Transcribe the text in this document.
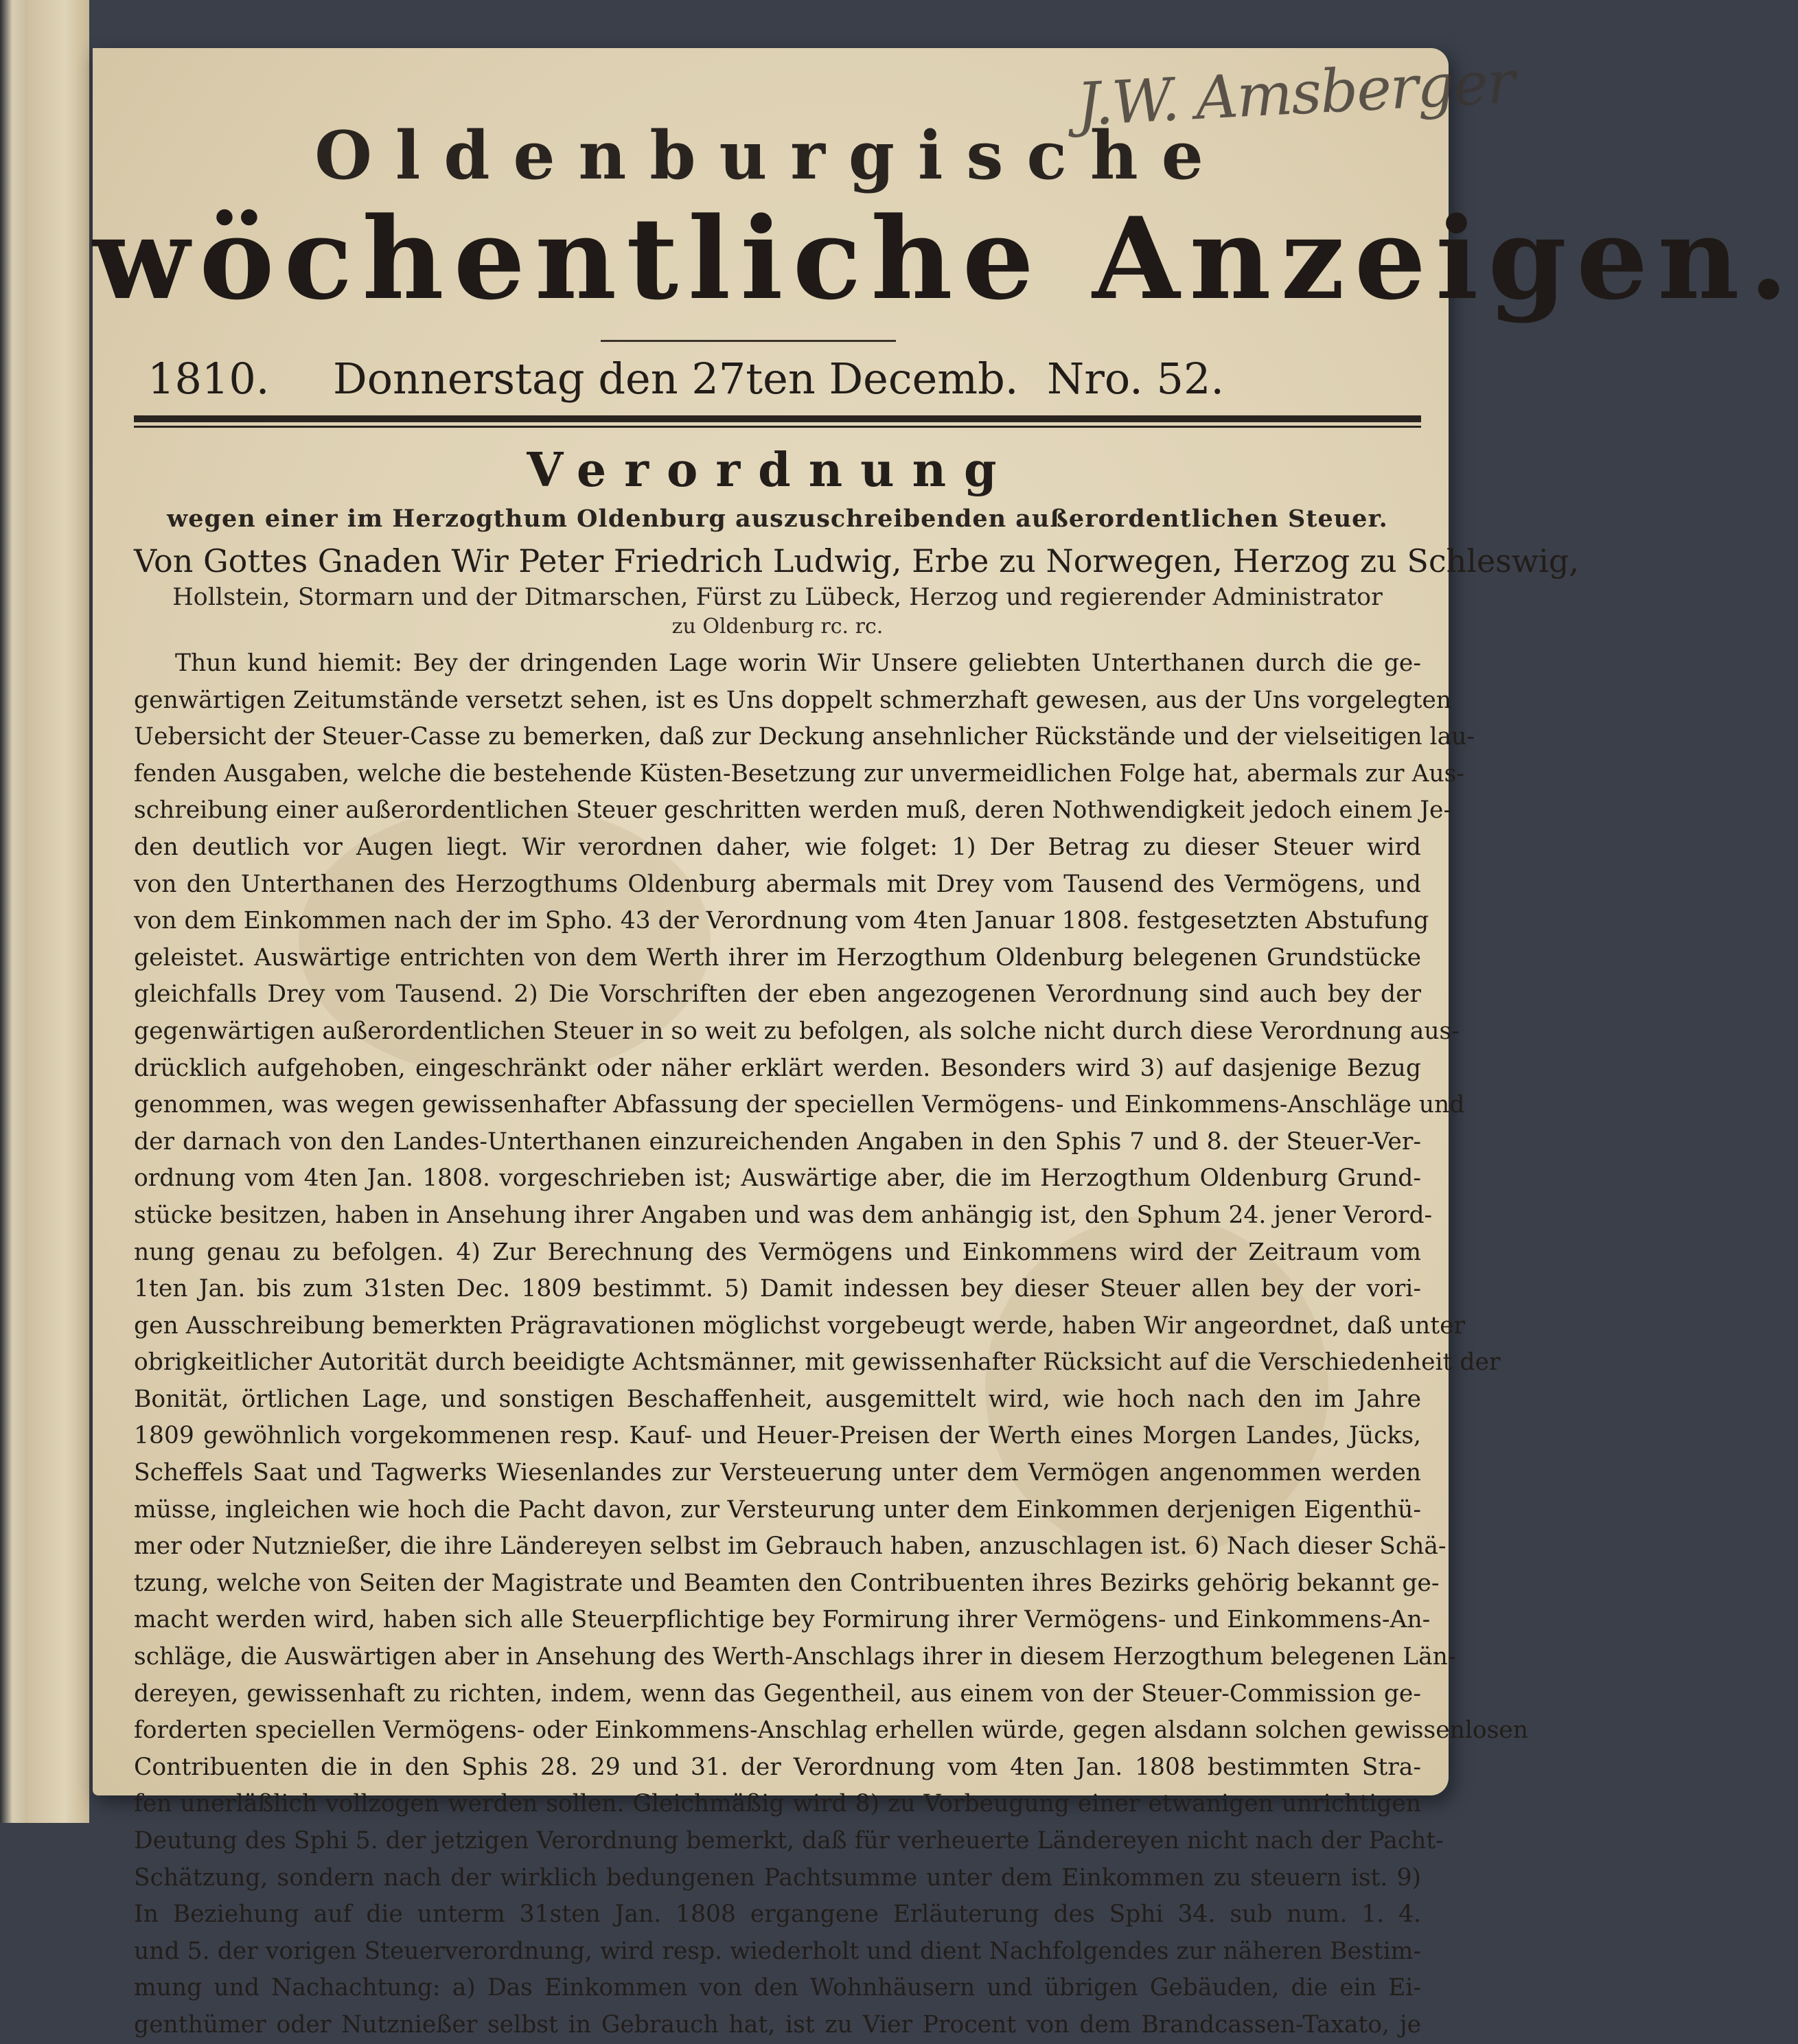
J.W. Amsberger
Oldenburgische
wöchentliche Anzeigen.
1810. Donnerstag den 27ten Decemb. Nro. 52.
Verordnung
wegen einer im Herzogthum Oldenburg auszuschreibenden außerordentlichen Steuer.
Von Gottes Gnaden Wir Peter Friedrich Ludwig, Erbe zu Norwegen, Herzog zu Schleswig,
Hollstein, Stormarn und der Ditmarschen, Fürst zu Lübeck, Herzog und regierender Administrator
zu Oldenburg rc. rc.
Thun kund hiemit: Bey der dringenden Lage worin Wir Unsere geliebten Unterthanen durch die ge-
genwärtigen Zeitumstände versetzt sehen, ist es Uns doppelt schmerzhaft gewesen, aus der Uns vorgelegten
Uebersicht der Steuer-Casse zu bemerken, daß zur Deckung ansehnlicher Rückstände und der vielseitigen lau-
fenden Ausgaben, welche die bestehende Küsten-Besetzung zur unvermeidlichen Folge hat, abermals zur Aus-
schreibung einer außerordentlichen Steuer geschritten werden muß, deren Nothwendigkeit jedoch einem Je-
den deutlich vor Augen liegt. Wir verordnen daher, wie folget: 1) Der Betrag zu dieser Steuer wird
von den Unterthanen des Herzogthums Oldenburg abermals mit Drey vom Tausend des Vermögens, und
von dem Einkommen nach der im Spho. 43 der Verordnung vom 4ten Januar 1808. festgesetzten Abstufung
geleistet. Auswärtige entrichten von dem Werth ihrer im Herzogthum Oldenburg belegenen Grundstücke
gleichfalls Drey vom Tausend. 2) Die Vorschriften der eben angezogenen Verordnung sind auch bey der
gegenwärtigen außerordentlichen Steuer in so weit zu befolgen, als solche nicht durch diese Verordnung aus-
drücklich aufgehoben, eingeschränkt oder näher erklärt werden. Besonders wird 3) auf dasjenige Bezug
genommen, was wegen gewissenhafter Abfassung der speciellen Vermögens- und Einkommens-Anschläge und
der darnach von den Landes-Unterthanen einzureichenden Angaben in den Sphis 7 und 8. der Steuer-Ver-
ordnung vom 4ten Jan. 1808. vorgeschrieben ist; Auswärtige aber, die im Herzogthum Oldenburg Grund-
stücke besitzen, haben in Ansehung ihrer Angaben und was dem anhängig ist, den Sphum 24. jener Verord-
nung genau zu befolgen. 4) Zur Berechnung des Vermögens und Einkommens wird der Zeitraum vom
1ten Jan. bis zum 31sten Dec. 1809 bestimmt. 5) Damit indessen bey dieser Steuer allen bey der vori-
gen Ausschreibung bemerkten Prägravationen möglichst vorgebeugt werde, haben Wir angeordnet, daß unter
obrigkeitlicher Autorität durch beeidigte Achtsmänner, mit gewissenhafter Rücksicht auf die Verschiedenheit der
Bonität, örtlichen Lage, und sonstigen Beschaffenheit, ausgemittelt wird, wie hoch nach den im Jahre
1809 gewöhnlich vorgekommenen resp. Kauf- und Heuer-Preisen der Werth eines Morgen Landes, Jücks,
Scheffels Saat und Tagwerks Wiesenlandes zur Versteuerung unter dem Vermögen angenommen werden
müsse, ingleichen wie hoch die Pacht davon, zur Versteurung unter dem Einkommen derjenigen Eigenthü-
mer oder Nutznießer, die ihre Ländereyen selbst im Gebrauch haben, anzuschlagen ist. 6) Nach dieser Schä-
tzung, welche von Seiten der Magistrate und Beamten den Contribuenten ihres Bezirks gehörig bekannt ge-
macht werden wird, haben sich alle Steuerpflichtige bey Formirung ihrer Vermögens- und Einkommens-An-
schläge, die Auswärtigen aber in Ansehung des Werth-Anschlags ihrer in diesem Herzogthum belegenen Län-
dereyen, gewissenhaft zu richten, indem, wenn das Gegentheil, aus einem von der Steuer-Commission ge-
forderten speciellen Vermögens- oder Einkommens-Anschlag erhellen würde, gegen alsdann solchen gewissenlosen
Contribuenten die in den Sphis 28. 29 und 31. der Verordnung vom 4ten Jan. 1808 bestimmten Stra-
fen unerläßlich vollzogen werden sollen. Gleichmäßig wird 8) zu Vorbeugung einer etwanigen unrichtigen
Deutung des Sphi 5. der jetzigen Verordnung bemerkt, daß für verheuerte Ländereyen nicht nach der Pacht-
Schätzung, sondern nach der wirklich bedungenen Pachtsumme unter dem Einkommen zu steuern ist. 9)
In Beziehung auf die unterm 31sten Jan. 1808 ergangene Erläuterung des Sphi 34. sub num. 1. 4.
und 5. der vorigen Steuerverordnung, wird resp. wiederholt und dient Nachfolgendes zur näheren Bestim-
mung und Nachachtung: a) Das Einkommen von den Wohnhäusern und übrigen Gebäuden, die ein Ei-
genthümer oder Nutznießer selbst in Gebrauch hat, ist zu Vier Procent von dem Brandcassen-Taxato, je
